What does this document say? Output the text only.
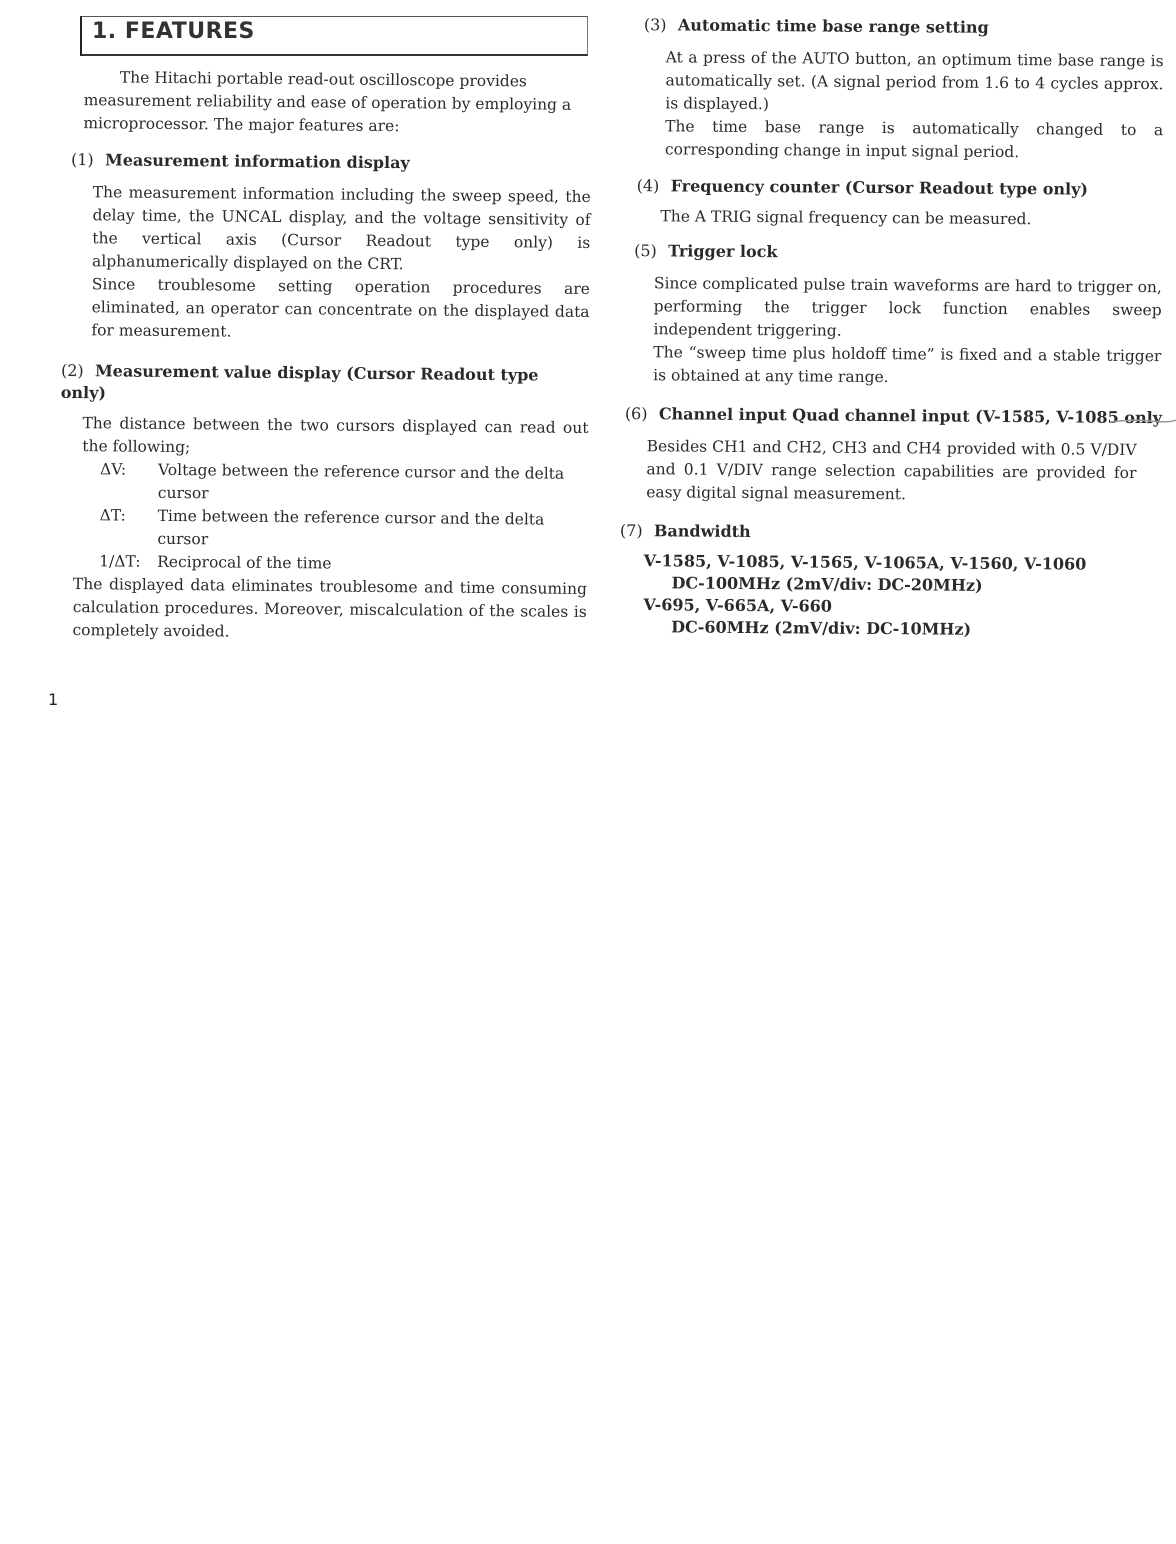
1. FEATURES
The Hitachi portable read-out oscilloscope provides
measurement reliability and ease of operation by employing a
microprocessor. The major features are:
(1) Measurement information display

The measurement information including the sweep speed, the delay time, the UNCAL display, and the voltage sensitivity of the vertical axis (Cursor Readout type only) is alphanumerically displayed on the CRT.

Since troublesome setting operation procedures are eliminated, an operator can concentrate on the displayed data for measurement.

(2) Measurement value display (Cursor Readout type only)

The distance between the two cursors displayed can read out the following;

ΔV: Voltage between the reference cursor and the delta cursor
ΔT: Time between the reference cursor and the delta cursor
1/ΔT: Reciprocal of the time

The displayed data eliminates troublesome and time consuming calculation procedures. Moreover, miscalculation of the scales is completely avoided.

(3) Automatic time base range setting

At a press of the AUTO button, an optimum time base range is automatically set. (A signal period from 1.6 to 4 cycles approx. is displayed.)

The time base range is automatically changed to a corresponding change in input signal period.

(4) Frequency counter (Cursor Readout type only)

The A TRIG signal frequency can be measured.

(5) Trigger lock

Since complicated pulse train waveforms are hard to trigger on, performing the trigger lock function enables sweep independent triggering.

The “sweep time plus holdoff time” is fixed and a stable trigger is obtained at any time range.

(6) Channel input Quad channel input (V-1585, V-1085 only

Besides CH1 and CH2, CH3 and CH4 provided with 0.5 V/DIV and 0.1 V/DIV range selection capabilities are provided for easy digital signal measurement.

(7) Bandwidth
V-1585, V-1085, V-1565, V-1065A, V-1560, V-1060
DC-100MHz (2mV/div: DC-20MHz)
V-695, V-665A, V-660
DC-60MHz (2mV/div: DC-10MHz)
1
